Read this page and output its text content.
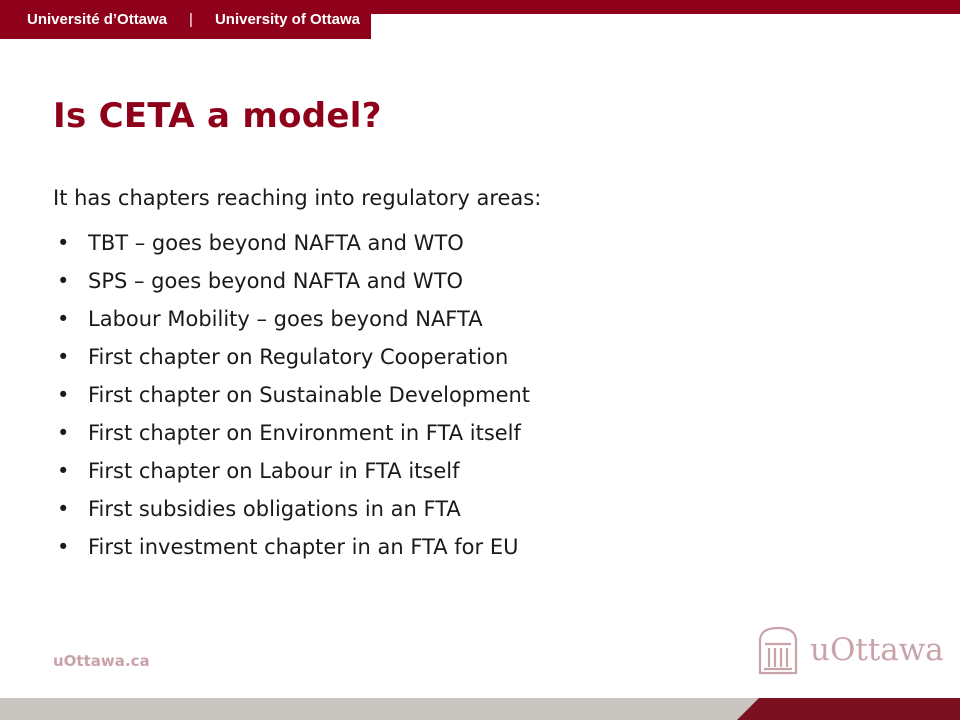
Université d’Ottawa | University of Ottawa
Is CETA a model?

It has chapters reaching into regulatory areas:

• TBT – goes beyond NAFTA and WTO
• SPS – goes beyond NAFTA and WTO
• Labour Mobility – goes beyond NAFTA
• First chapter on Regulatory Cooperation
• First chapter on Sustainable Development
• First chapter on Environment in FTA itself
• First chapter on Labour in FTA itself
• First subsidies obligations in an FTA
• First investment chapter in an FTA for EU
uOttawa.ca	uOttawa
